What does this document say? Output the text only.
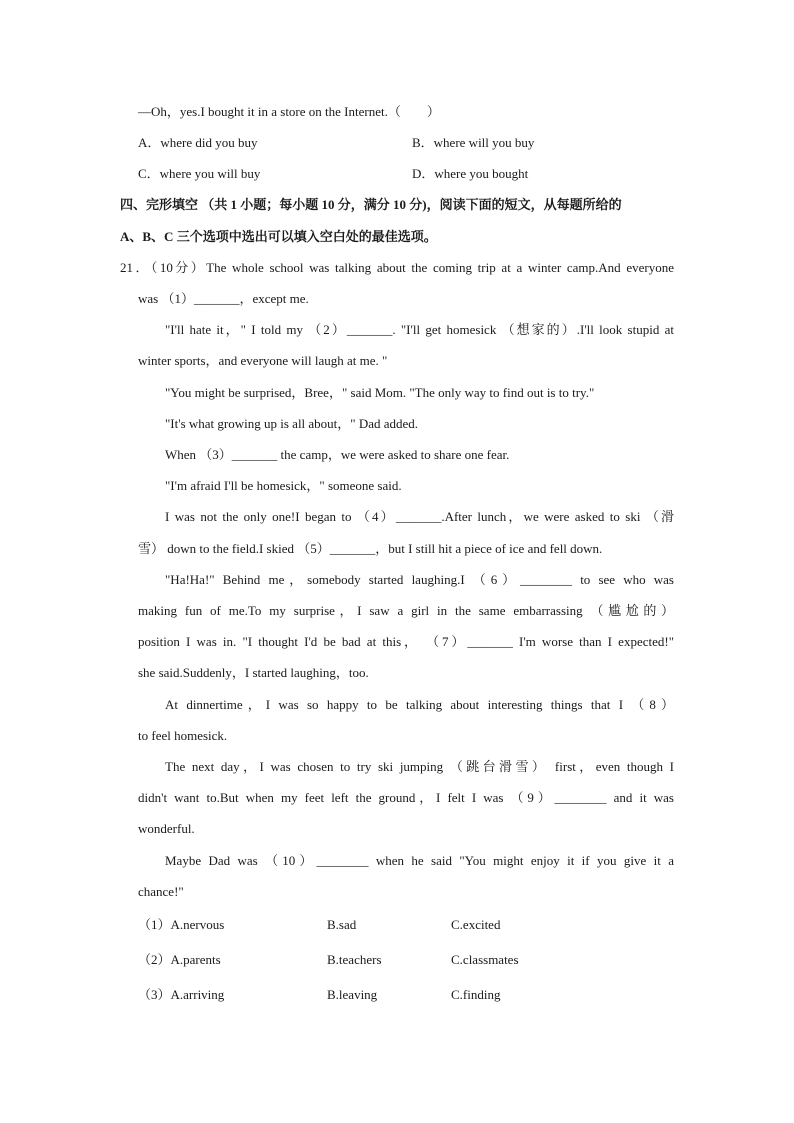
—Oh，yes.I bought it in a store on the Internet.（　　）
A．where did you buy	B．where will you buy
C．where you will buy	D．where you bought
四、完形填空 （共 1 小题；每小题 10 分，满分 10 分)，阅读下面的短文，从每题所给的
A、B、C 三个选项中选出可以填入空白处的最佳选项。
21．（10分）The whole school was talking about the coming trip at a winter camp.And everyone
was （1）_______，except me.
"I'll hate it，" I told my （2）_______. "I'll get homesick （想家的）.I'll look stupid at
winter sports，and everyone will laugh at me. "
"You might be surprised，Bree，" said Mom. "The only way to find out is to try."
"It's what growing up is all about，" Dad added.
When （3）_______ the camp，we were asked to share one fear.
"I'm afraid I'll be homesick，" someone said.
I was not the only one!I began to （4）_______.After lunch，we were asked to ski （滑
雪） down to the field.I skied （5）_______，but I still hit a piece of ice and fell down.
"Ha!Ha!" Behind me，somebody started laughing.I （6）________ to see who was
making fun of me.To my surprise，I saw a girl in the same embarrassing （尴尬的）
position I was in. "I thought I'd be bad at this， （7）_______ I'm worse than I expected!"
she said.Suddenly，I started laughing，too.
At dinnertime，I was so happy to be talking about interesting things that I （8）
to feel homesick.
The next day，I was chosen to try ski jumping （跳台滑雪） first，even though I
didn't want to.But when my feet left the ground，I felt I was （9）________ and it was
wonderful.
Maybe Dad was （10）________ when he said "You might enjoy it if you give it a
chance!"
（1）A.nervous	B.sad	C.excited
（2）A.parents	B.teachers	C.classmates
（3）A.arriving	B.leaving	C.finding
